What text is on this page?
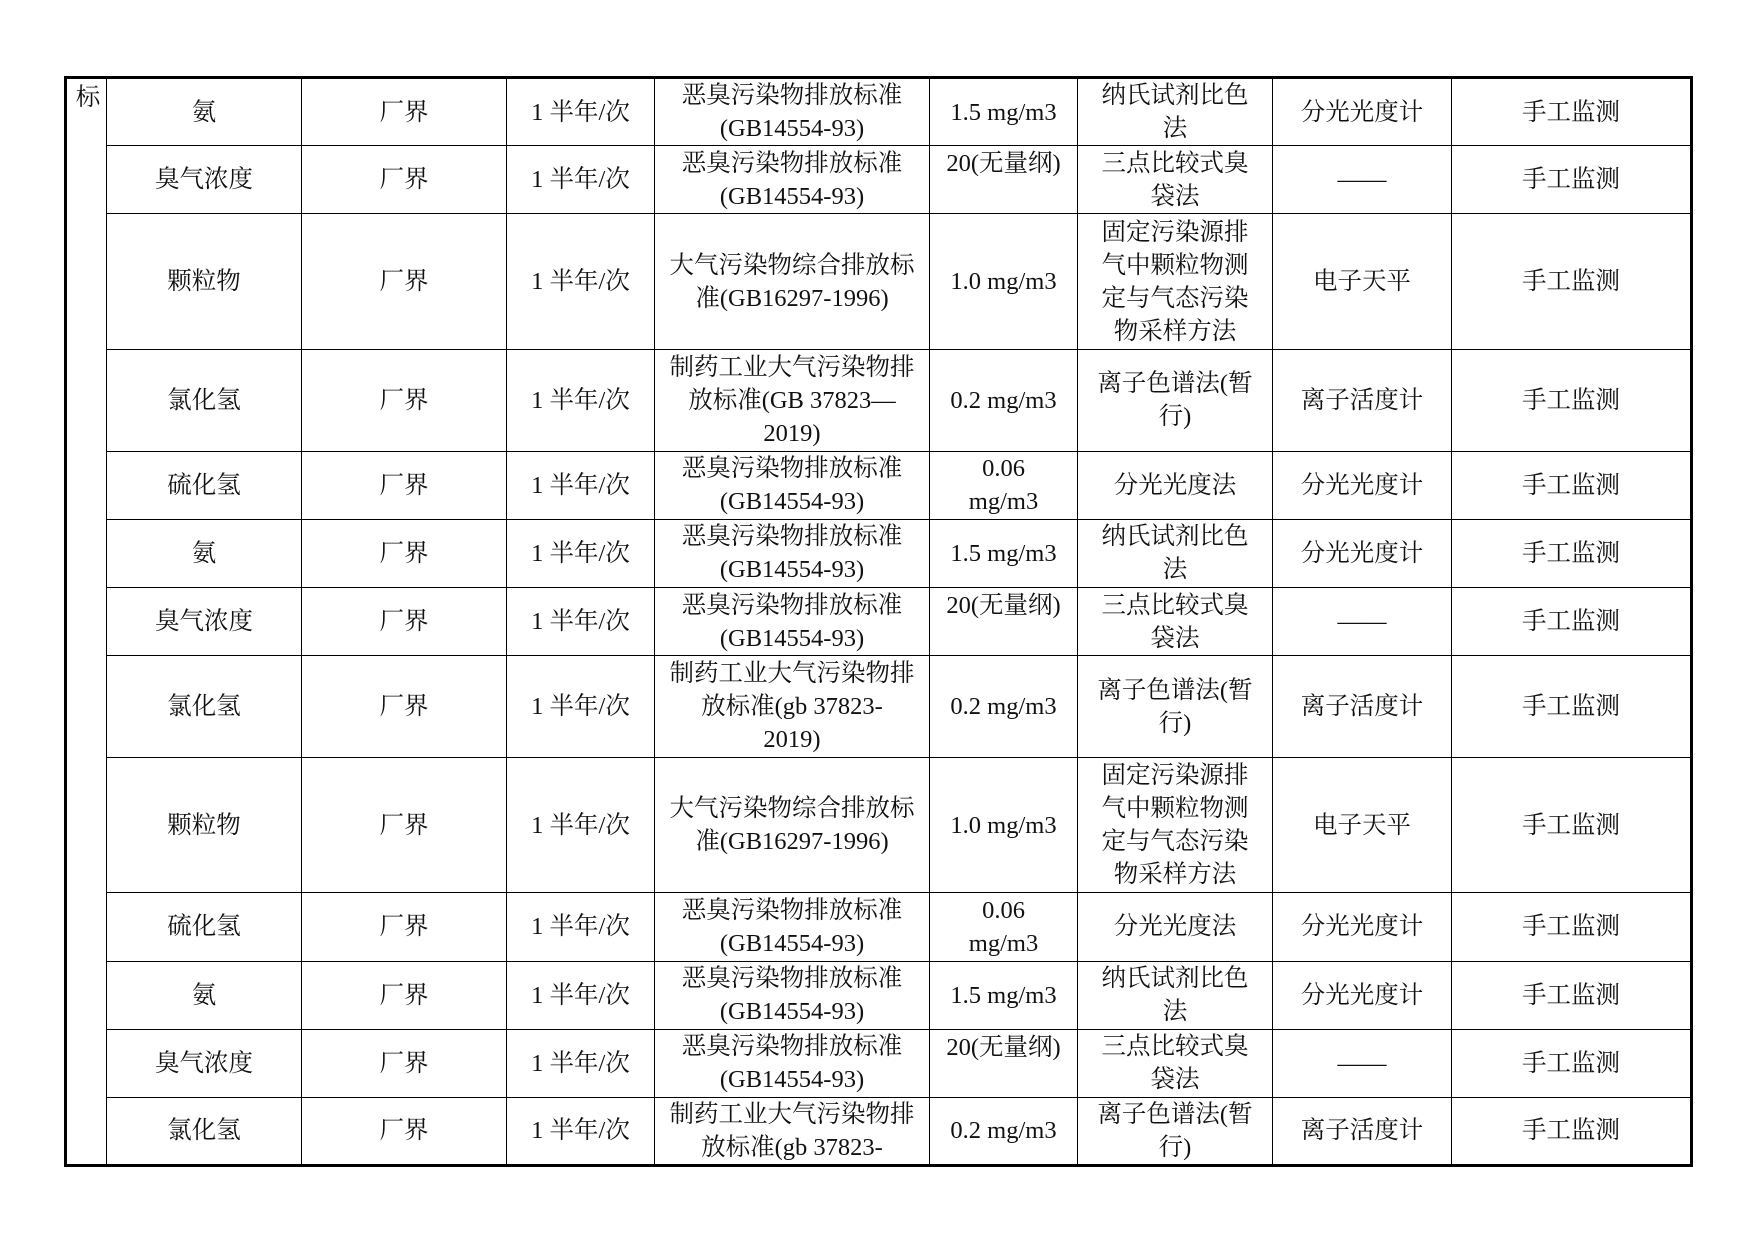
标	氨	厂界	1 半年/次	恶臭污染物排放标准
(GB14554-93)	1.5 mg/m3	纳氏试剂比色
法	分光光度计	手工监测

	臭气浓度	厂界	1 半年/次	恶臭污染物排放标准
(GB14554-93)	20(无量纲)	三点比较式臭
袋法	——	手工监测

	颗粒物	厂界	1 半年/次	大气污染物综合排放标
准(GB16297-1996)	1.0 mg/m3	固定污染源排
气中颗粒物测
定与气态污染
物采样方法	电子天平	手工监测

	氯化氢	厂界	1 半年/次	制药工业大气污染物排
放标准(GB 37823—
2019)	0.2 mg/m3	离子色谱法(暂
行)	离子活度计	手工监测

	硫化氢	厂界	1 半年/次	恶臭污染物排放标准
(GB14554-93)	0.06
mg/m3	分光光度法	分光光度计	手工监测

	氨	厂界	1 半年/次	恶臭污染物排放标准
(GB14554-93)	1.5 mg/m3	纳氏试剂比色
法	分光光度计	手工监测

	臭气浓度	厂界	1 半年/次	恶臭污染物排放标准
(GB14554-93)	20(无量纲)	三点比较式臭
袋法	——	手工监测

	氯化氢	厂界	1 半年/次	制药工业大气污染物排
放标准(gb 37823-
2019)	0.2 mg/m3	离子色谱法(暂
行)	离子活度计	手工监测

	颗粒物	厂界	1 半年/次	大气污染物综合排放标
准(GB16297-1996)	1.0 mg/m3	固定污染源排
气中颗粒物测
定与气态污染
物采样方法	电子天平	手工监测

	硫化氢	厂界	1 半年/次	恶臭污染物排放标准
(GB14554-93)	0.06
mg/m3	分光光度法	分光光度计	手工监测

	氨	厂界	1 半年/次	恶臭污染物排放标准
(GB14554-93)	1.5 mg/m3	纳氏试剂比色
法	分光光度计	手工监测

	臭气浓度	厂界	1 半年/次	恶臭污染物排放标准
(GB14554-93)	20(无量纲)	三点比较式臭
袋法	——	手工监测

	氯化氢	厂界	1 半年/次	制药工业大气污染物排
放标准(gb 37823-	0.2 mg/m3	离子色谱法(暂
行)	离子活度计	手工监测
